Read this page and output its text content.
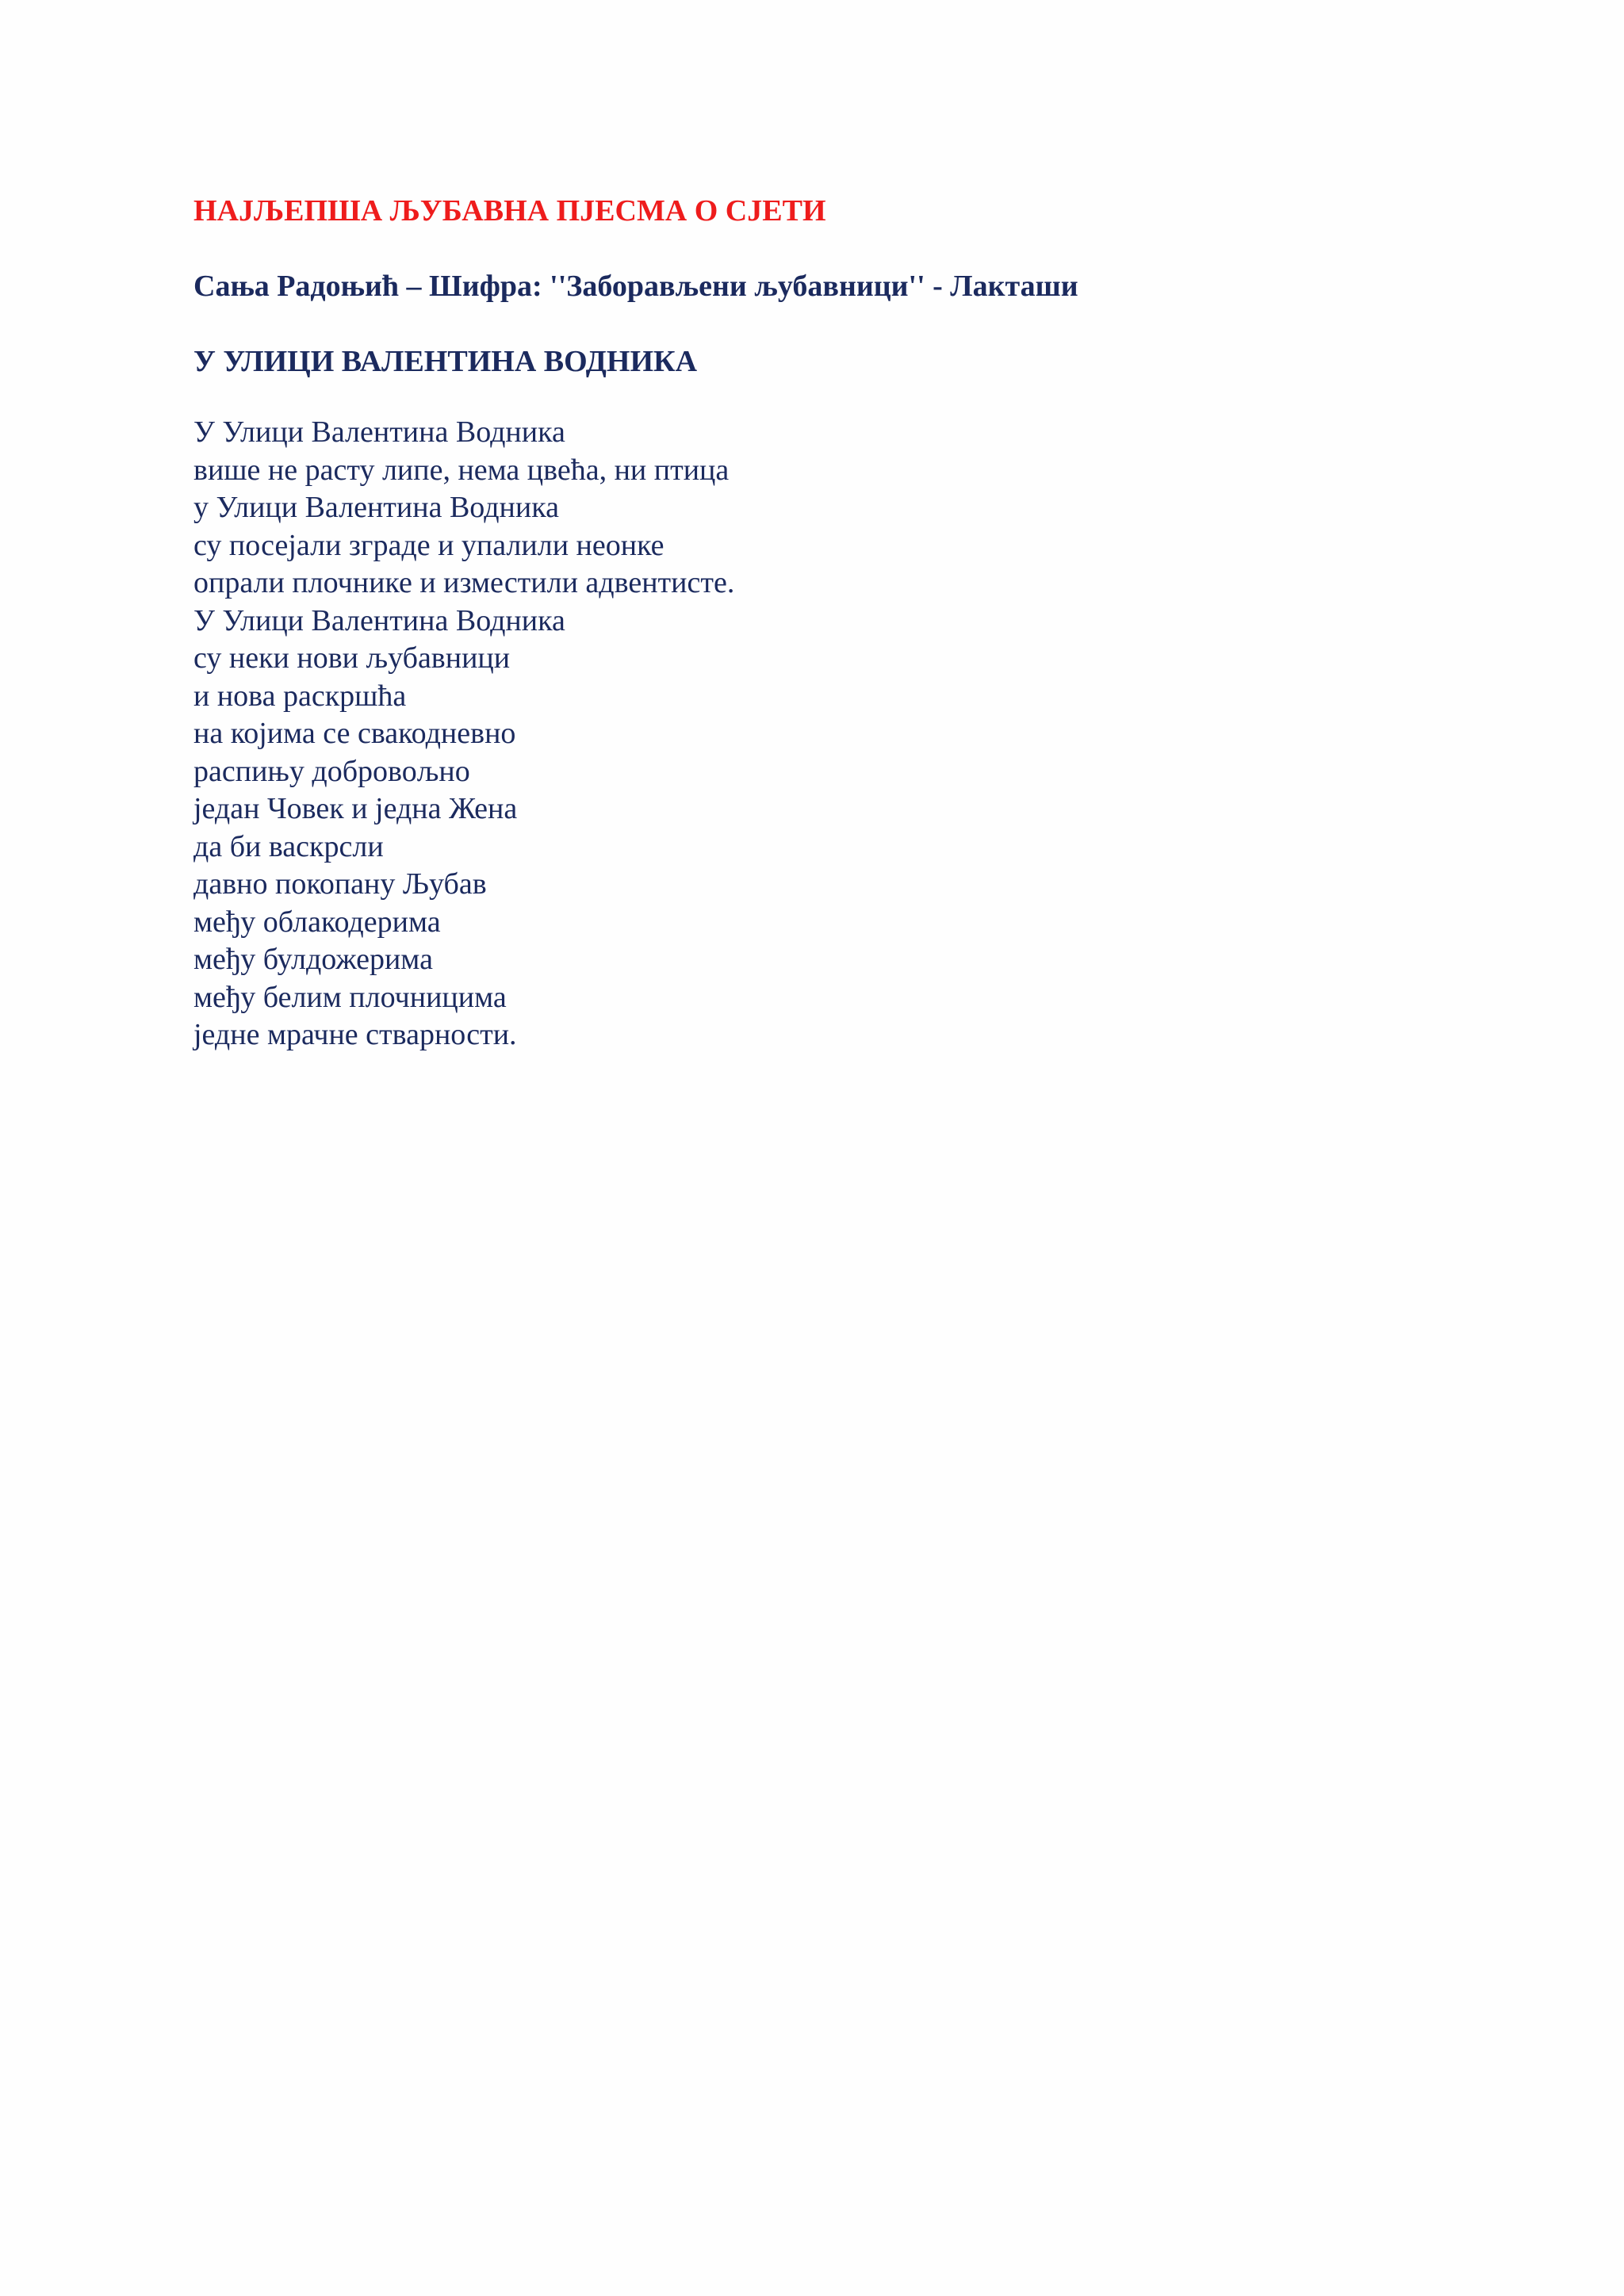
НАЈЉЕПША ЉУБАВНА ПЈЕСМА О СЈЕТИ
Сања Радоњић – Шифра: ''Заборављени љубавници'' - Лакташи
У УЛИЦИ ВАЛЕНТИНА ВОДНИКА
У Улици Валентина Водника
више не расту липе, нема цвећа, ни птица
у Улици Валентина Водника
су посејали зграде и упалили неонке
опрали плочнике и изместили адвентисте.
У Улици Валентина Водника
су неки нови љубавници
и нова раскршћа
на којима се свакодневно
распињу добровољно
један Човек и једна Жена
да би васкрсли
давно покопану Љубав
међу облакодерима
међу булдожерима
међу белим плочницима
једне мрачне стварности.
